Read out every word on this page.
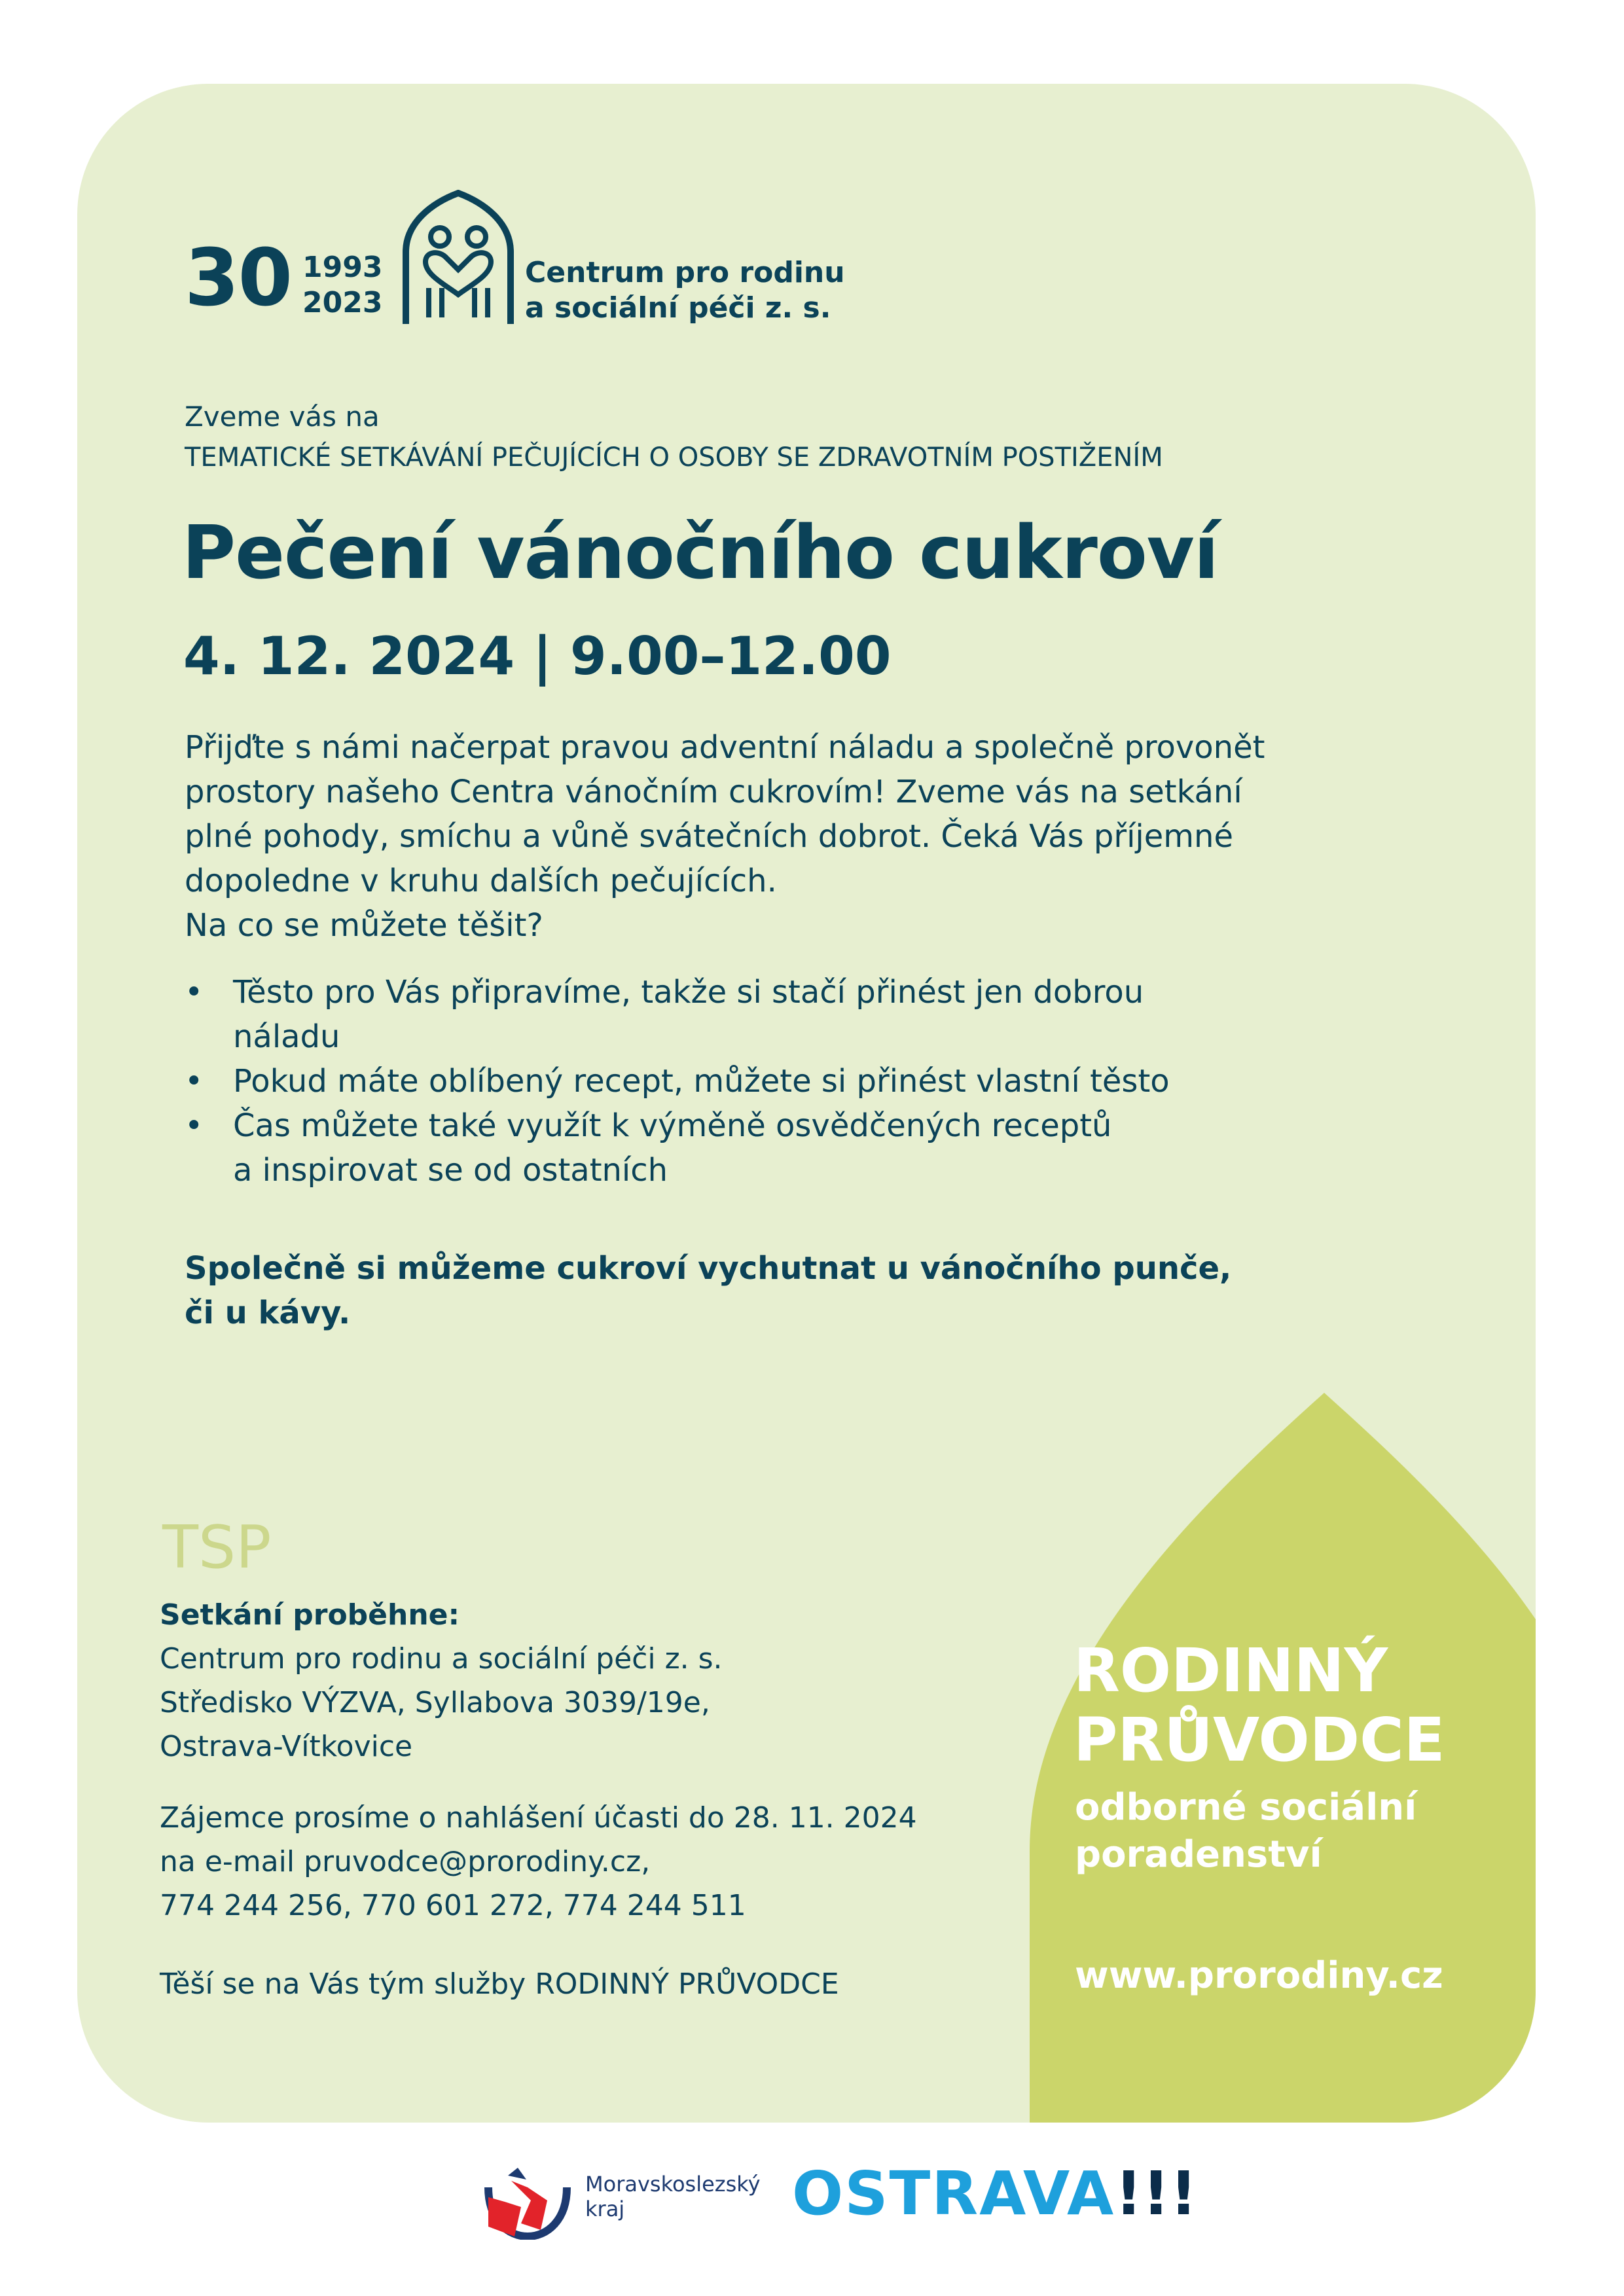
30 1993
2023
Centrum pro rodinu
a sociální péči z. s.
Zveme vás na
TEMATICKÉ SETKÁVÁNÍ PEČUJÍCÍCH O OSOBY SE ZDRAVOTNÍM POSTIŽENÍM
Pečení vánočního cukroví
4. 12. 2024 | 9.00–12.00
Přijďte s námi načerpat pravou adventní náladu a společně provonět
prostory našeho Centra vánočním cukrovím! Zveme vás na setkání
plné pohody, smíchu a vůně svátečních dobrot. Čeká Vás příjemné
dopoledne v kruhu dalších pečujících.
Na co se můžete těšit?
• Těsto pro Vás připravíme, takže si stačí přinést jen dobrou
náladu
• Pokud máte oblíbený recept, můžete si přinést vlastní těsto
• Čas můžete také využít k výměně osvědčených receptů
a inspirovat se od ostatních
Společně si můžeme cukroví vychutnat u vánočního punče,
či u kávy.
TSP
Setkání proběhne:
Centrum pro rodinu a sociální péči z. s.
Středisko VÝZVA, Syllabova 3039/19e,
Ostrava-Vítkovice
Zájemce prosíme o nahlášení účasti do 28. 11. 2024
na e-mail pruvodce@prorodiny.cz,
774 244 256, 770 601 272, 774 244 511
Těší se na Vás tým služby RODINNÝ PRŮVODCE
RODINNÝ
PRŮVODCE
odborné sociální
poradenství
www.prorodiny.cz
Moravskoslezský
kraj	OSTRAVA!!!
